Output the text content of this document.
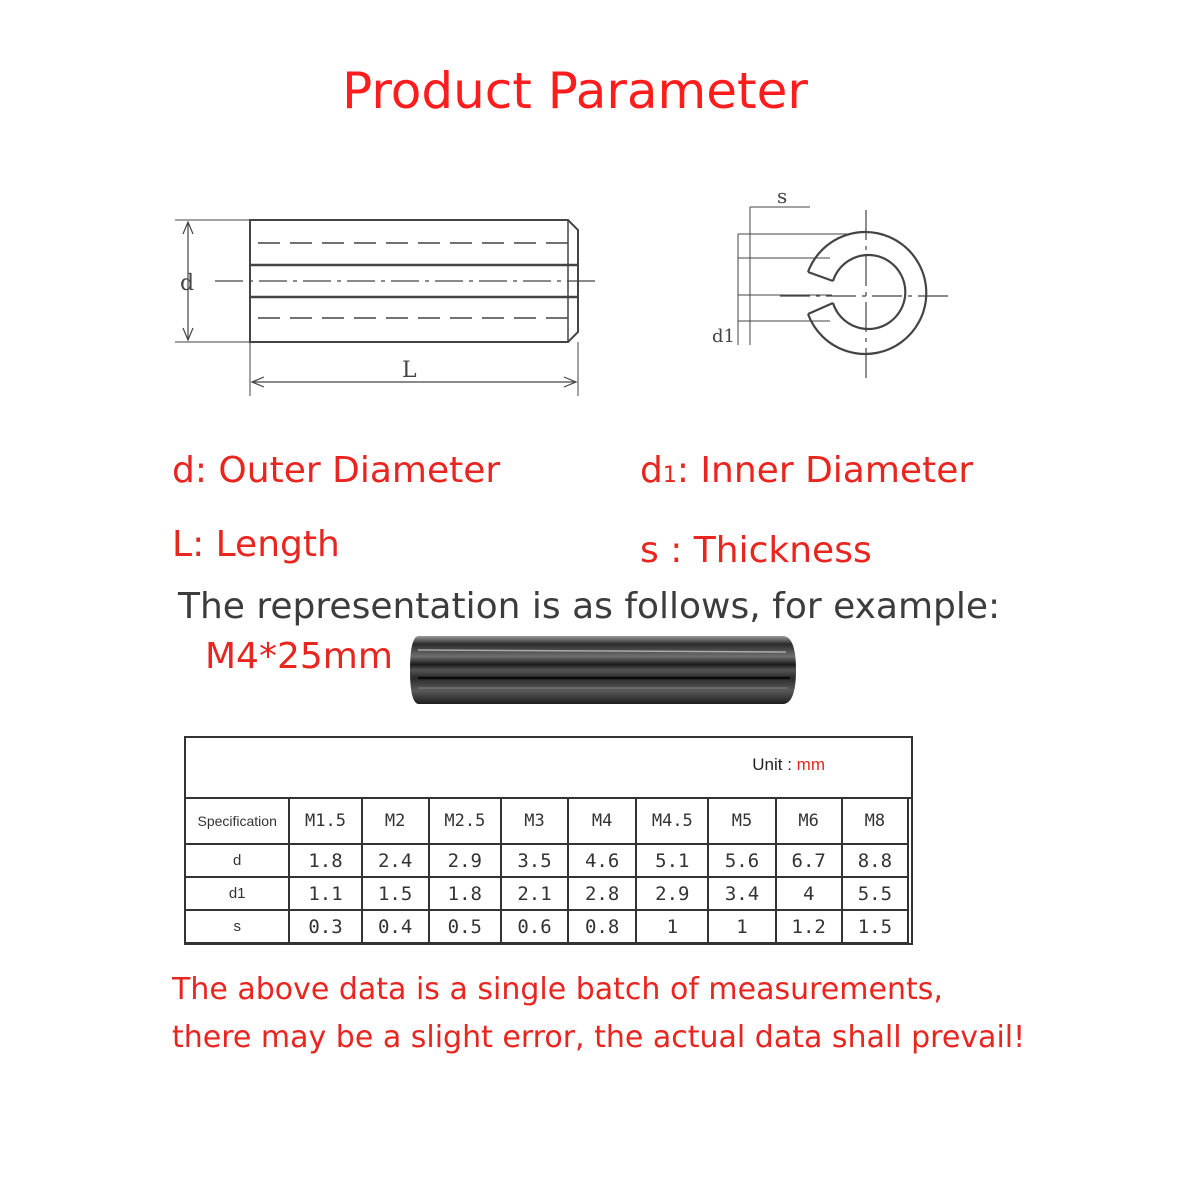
Product Parameter
d
L
s
d1
d: Outer Diameter	d1: Inner Diameter
L: Length	s : Thickness
The representation is as follows, for example:
M4*25mm
Unit : mm
Specification	M1.5	M2	M2.5	M3	M4	M4.5	M5	M6	M8
d	1.8	2.4	2.9	3.5	4.6	5.1	5.6	6.7	8.8
d1	1.1	1.5	1.8	2.1	2.8	2.9	3.4	4	5.5
s	0.3	0.4	0.5	0.6	0.8	1	1	1.2	1.5
The above data is a single batch of measurements,
there may be a slight error, the actual data shall prevail!
